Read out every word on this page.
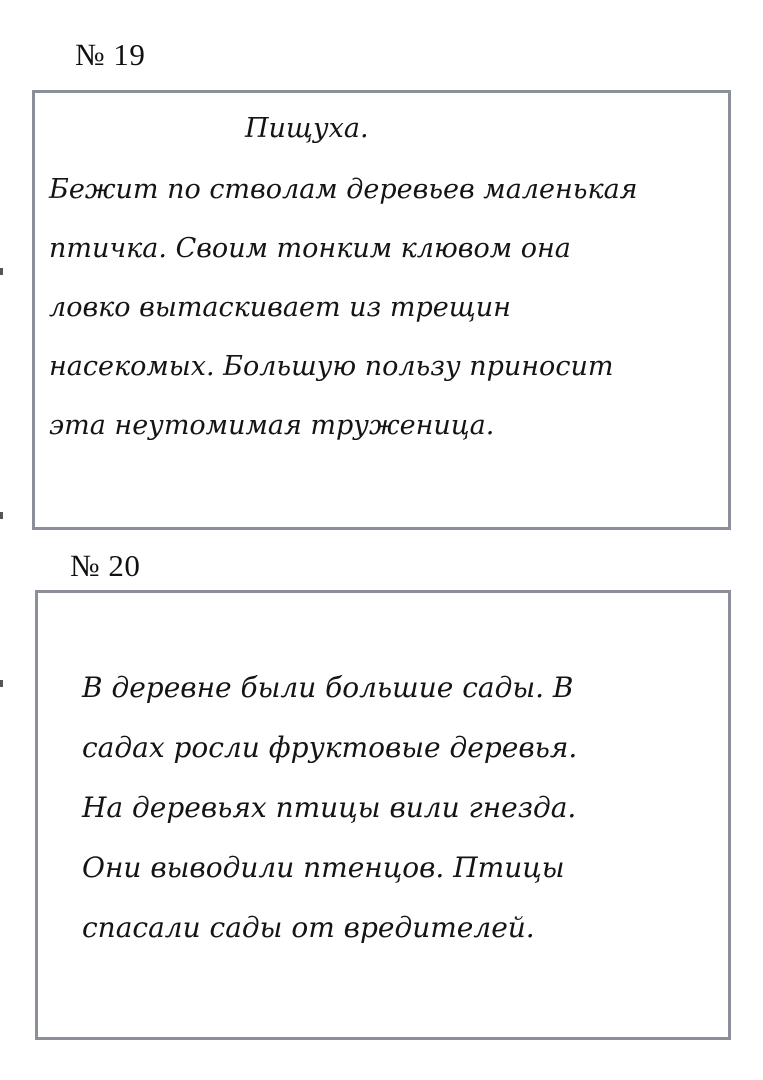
№ 19
Пищуха.
Бежит по стволам деревьев маленькая
птичка. Своим тонким клювом она
ловко вытаскивает из трещин
насекомых. Большую пользу приносит
эта неутомимая труженица.
№ 20
В деревне были большие сады. В
садах росли фруктовые деревья.
На деревьях птицы вили гнезда.
Они выводили птенцов. Птицы
спасали сады от вредителей.
